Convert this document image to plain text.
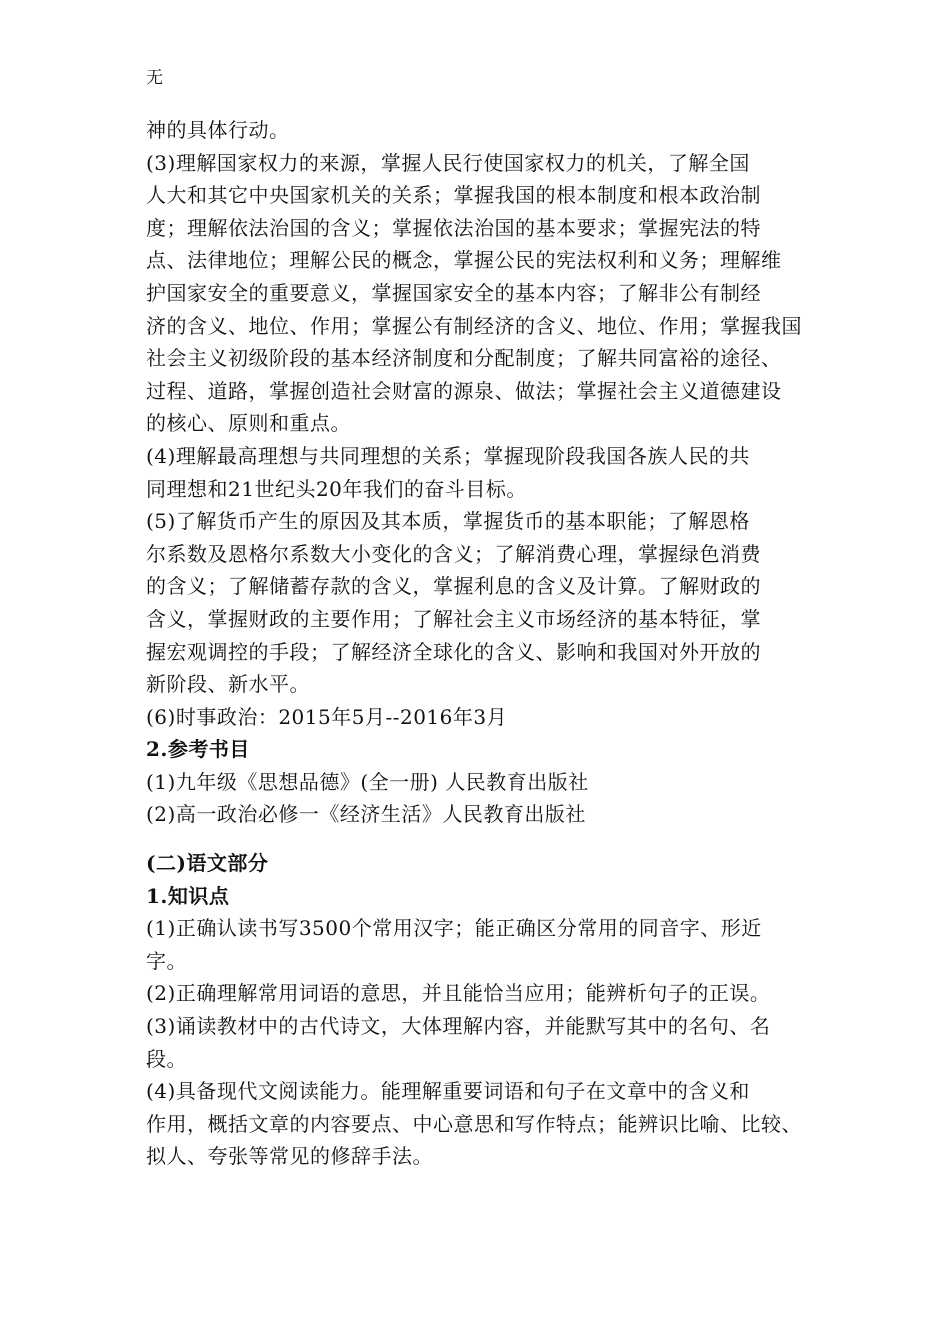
无

神的具体行动。

(3)理解国家权力的来源，掌握人民行使国家权力的机关，了解全国

人大和其它中央国家机关的关系；掌握我国的根本制度和根本政治制

度；理解依法治国的含义；掌握依法治国的基本要求；掌握宪法的特

点、法律地位；理解公民的概念，掌握公民的宪法权利和义务；理解维

护国家安全的重要意义，掌握国家安全的基本内容；了解非公有制经

济的含义、地位、作用；掌握公有制经济的含义、地位、作用；掌握我国

社会主义初级阶段的基本经济制度和分配制度；了解共同富裕的途径、

过程、道路，掌握创造社会财富的源泉、做法；掌握社会主义道德建设

的核心、原则和重点。

(4)理解最高理想与共同理想的关系；掌握现阶段我国各族人民的共

同理想和21世纪头20年我们的奋斗目标。

(5)了解货币产生的原因及其本质，掌握货币的基本职能；了解恩格

尔系数及恩格尔系数大小变化的含义；了解消费心理，掌握绿色消费

的含义；了解储蓄存款的含义，掌握利息的含义及计算。了解财政的

含义，掌握财政的主要作用；了解社会主义市场经济的基本特征，掌

握宏观调控的手段；了解经济全球化的含义、影响和我国对外开放的

新阶段、新水平。

(6)时事政治：2015年5月--2016年3月

2.参考书目

(1)九年级《思想品德》(全一册) 人民教育出版社

(2)高一政治必修一《经济生活》人民教育出版社

(二)语文部分

1.知识点

(1)正确认读书写3500个常用汉字；能正确区分常用的同音字、形近

字。

(2)正确理解常用词语的意思，并且能恰当应用；能辨析句子的正误。

(3)诵读教材中的古代诗文，大体理解内容，并能默写其中的名句、名

段。

(4)具备现代文阅读能力。能理解重要词语和句子在文章中的含义和

作用，概括文章的内容要点、中心意思和写作特点；能辨识比喻、比较、

拟人、夸张等常见的修辞手法。
